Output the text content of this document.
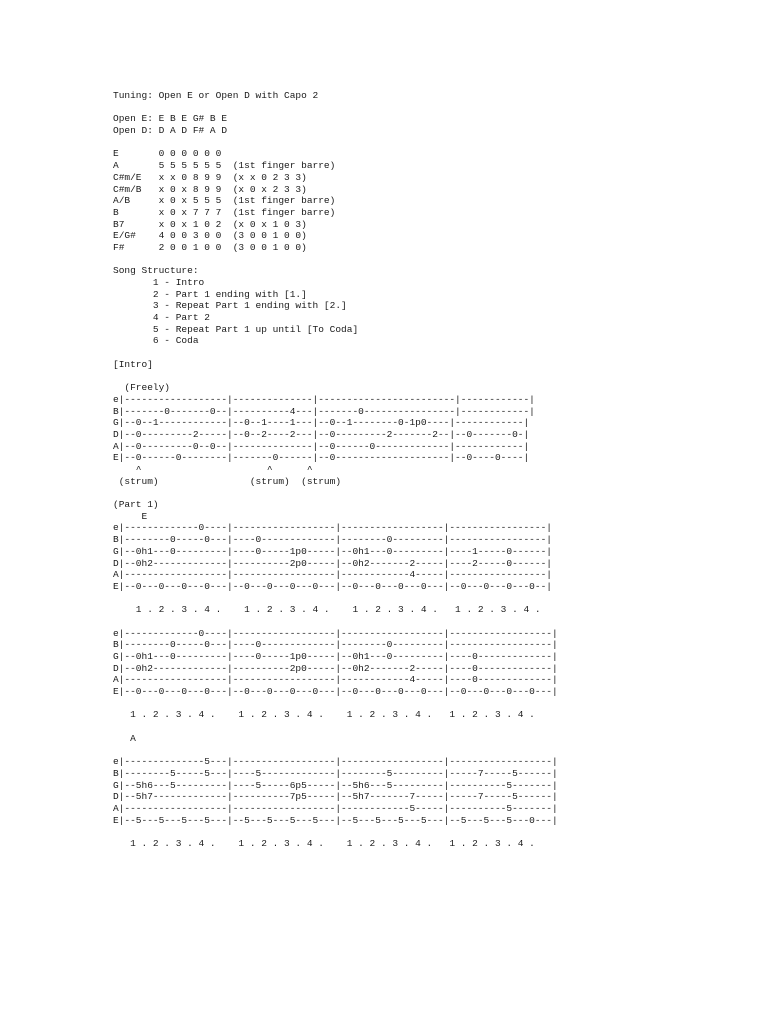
Tuning: Open E or Open D with Capo 2
Open E: E B E G# B E
Open D: D A D F# A D
E       0 0 0 0 0 0
A       5 5 5 5 5 5  (1st finger barre)
C#m/E   x x 0 8 9 9  (x x 0 2 3 3)
C#m/B   x 0 x 8 9 9  (x 0 x 2 3 3)
A/B     x 0 x 5 5 5  (1st finger barre)
B       x 0 x 7 7 7  (1st finger barre)
B7      x 0 x 1 0 2  (x 0 x 1 0 3)
E/G#    4 0 0 3 0 0  (3 0 0 1 0 0)
F#      2 0 0 1 0 0  (3 0 0 1 0 0)
Song Structure:
1 - Intro
2 - Part 1 ending with [1.]
3 - Repeat Part 1 ending with [2.]
4 - Part 2
5 - Repeat Part 1 up until [To Coda]
6 - Coda
[Intro]
(Freely)
e|------------------|--------------|------------------------|------------|
B|-------0-------0--|----------4---|-------0----------------|------------|
G|--0--1------------|--0--1----1---|--0--1--------0-1p0----|------------|
D|--0---------2-----|--0--2----2---|--0---------2-------2--|--0-------0-|
A|--0---------0--0--|--------------|--0------0-------------|------------|
E|--0------0--------|-------0------|--0--------------------|--0----0----|
^                      ^      ^
(strum)                (strum)  (strum)
(Part 1)
E
e|-------------0----|------------------|------------------|-----------------|
B|--------0-----0---|----0-------------|--------0---------|-----------------|
G|--0h1---0---------|----0-----1p0-----|--0h1---0---------|----1-----0------|
D|--0h2-------------|----------2p0-----|--0h2-------2-----|----2-----0------|
A|------------------|------------------|------------4-----|-----------------|
E|--0---0---0---0---|--0---0---0---0---|--0---0---0---0---|--0---0---0---0--|
1 . 2 . 3 . 4 .    1 . 2 . 3 . 4 .    1 . 2 . 3 . 4 .   1 . 2 . 3 . 4 .
e|-------------0----|------------------|------------------|------------------|
B|--------0-----0---|----0-------------|--------0---------|------------------|
G|--0h1---0---------|----0-----1p0-----|--0h1---0---------|----0-------------|
D|--0h2-------------|----------2p0-----|--0h2-------2-----|----0-------------|
A|------------------|------------------|------------4-----|----0-------------|
E|--0---0---0---0---|--0---0---0---0---|--0---0---0---0---|--0---0---0---0---|
1 . 2 . 3 . 4 .    1 . 2 . 3 . 4 .    1 . 2 . 3 . 4 .   1 . 2 . 3 . 4 .
A
e|--------------5---|------------------|------------------|------------------|
B|--------5-----5---|----5-------------|--------5---------|-----7-----5------|
G|--5h6---5---------|----5-----6p5-----|--5h6---5---------|----------5-------|
D|--5h7-------------|----------7p5-----|--5h7-------7-----|-----7-----5------|
A|------------------|------------------|------------5-----|----------5-------|
E|--5---5---5---5---|--5---5---5---5---|--5---5---5---5---|--5---5---5---0---|
1 . 2 . 3 . 4 .    1 . 2 . 3 . 4 .    1 . 2 . 3 . 4 .   1 . 2 . 3 . 4 .
